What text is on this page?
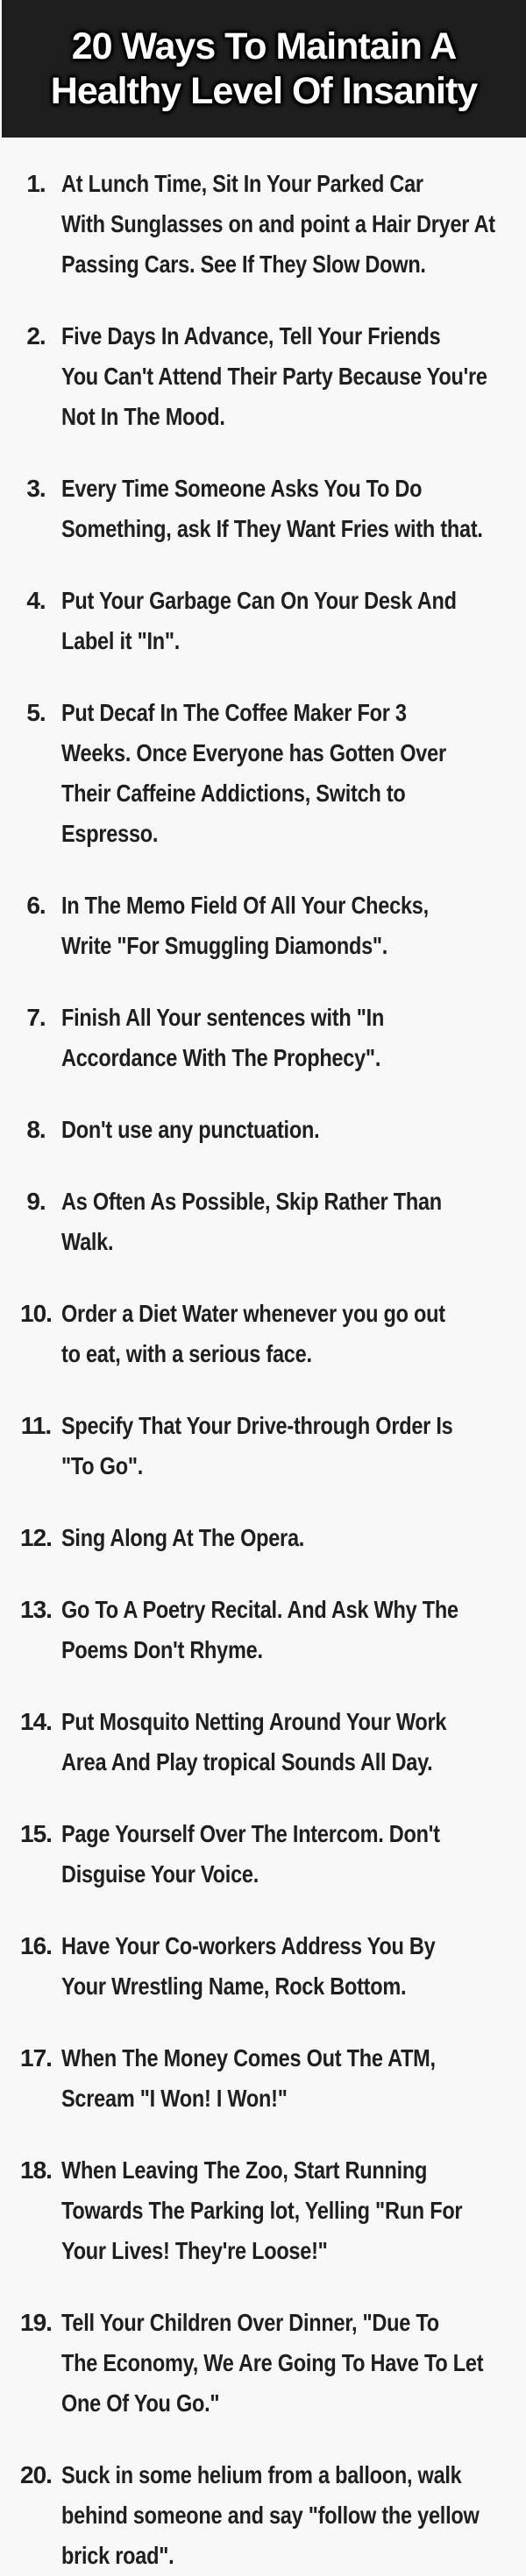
20 Ways To Maintain A
Healthy Level Of Insanity
1. At Lunch Time, Sit In Your Parked Car
With Sunglasses on and point a Hair Dryer At
Passing Cars. See If They Slow Down.
2. Five Days In Advance, Tell Your Friends
You Can't Attend Their Party Because You're
Not In The Mood.
3. Every Time Someone Asks You To Do
Something, ask If They Want Fries with that.
4. Put Your Garbage Can On Your Desk And
Label it "In".
5. Put Decaf In The Coffee Maker For 3
Weeks. Once Everyone has Gotten Over
Their Caffeine Addictions, Switch to
Espresso.
6. In The Memo Field Of All Your Checks,
Write "For Smuggling Diamonds".
7. Finish All Your sentences with "In
Accordance With The Prophecy".
8. Don't use any punctuation.
9. As Often As Possible, Skip Rather Than
Walk.
10. Order a Diet Water whenever you go out
to eat, with a serious face.
11. Specify That Your Drive-through Order Is
"To Go".
12. Sing Along At The Opera.
13. Go To A Poetry Recital. And Ask Why The
Poems Don't Rhyme.
14. Put Mosquito Netting Around Your Work
Area And Play tropical Sounds All Day.
15. Page Yourself Over The Intercom. Don't
Disguise Your Voice.
16. Have Your Co-workers Address You By
Your Wrestling Name, Rock Bottom.
17. When The Money Comes Out The ATM,
Scream "I Won! I Won!"
18. When Leaving The Zoo, Start Running
Towards The Parking lot, Yelling "Run For
Your Lives! They're Loose!"
19. Tell Your Children Over Dinner, "Due To
The Economy, We Are Going To Have To Let
One Of You Go."
20. Suck in some helium from a balloon, walk
behind someone and say "follow the yellow
brick road".
